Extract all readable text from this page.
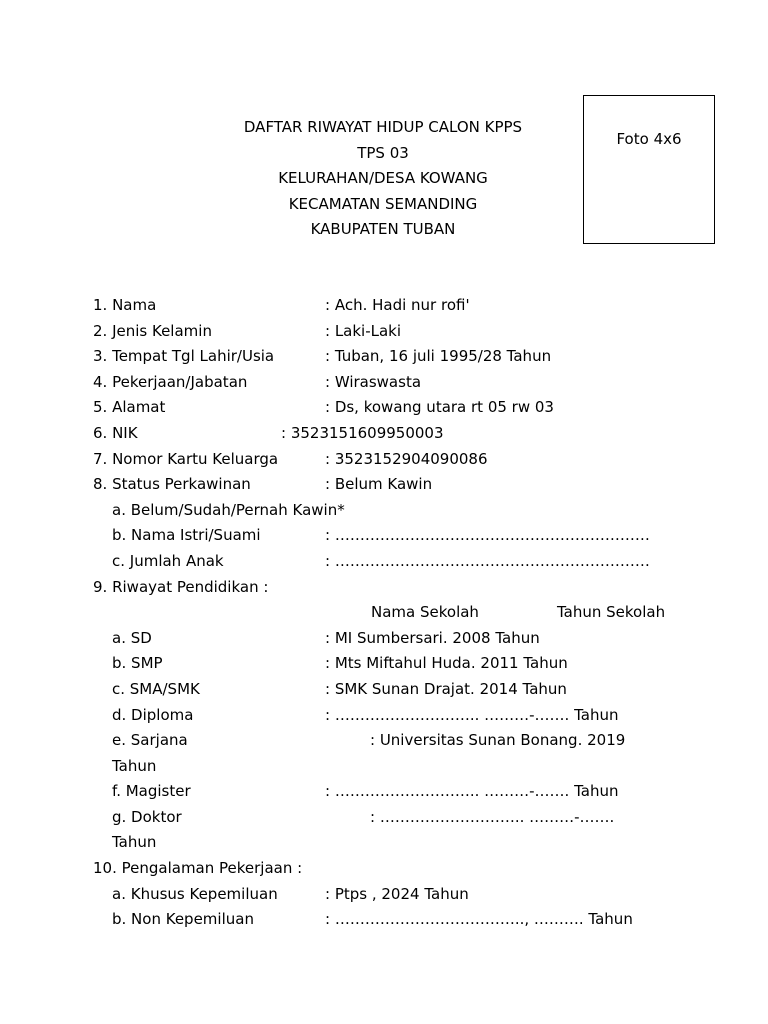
Foto 4x6
DAFTAR RIWAYAT HIDUP CALON KPPS
TPS 03
KELURAHAN/DESA KOWANG
KECAMATAN SEMANDING
KABUPATEN TUBAN
1. Nama	: Ach. Hadi nur rofi'
2. Jenis Kelamin	: Laki-Laki
3. Tempat Tgl Lahir/Usia	: Tuban, 16 juli 1995/28 Tahun
4. Pekerjaan/Jabatan	: Wiraswasta
5. Alamat	: Ds, kowang utara rt 05 rw 03
6. NIK	: 3523151609950003
7. Nomor Kartu Keluarga	: 3523152904090086
8. Status Perkawinan	: Belum Kawin
a. Belum/Sudah/Pernah Kawin*
b. Nama Istri/Suami	: ………………………………………………………
c. Jumlah Anak	: ………………………………………………………
9. Riwayat Pendidikan :
Nama Sekolah	Tahun Sekolah
a. SD	: MI Sumbersari. 2008 Tahun
b. SMP	: Mts Miftahul Huda. 2011 Tahun
c. SMA/SMK	: SMK Sunan Drajat. 2014 Tahun
d. Diploma	: ……………………….. ………-……. Tahun
e. Sarjana	: Universitas Sunan Bonang. 2019
Tahun
f. Magister	: ……………………….. ………-……. Tahun
g. Doktor	: ……………………….. ………-…….
Tahun
10. Pengalaman Pekerjaan :
a. Khusus Kepemiluan	: Ptps , 2024 Tahun
b. Non Kepemiluan	: ……………………………….., ………. Tahun
